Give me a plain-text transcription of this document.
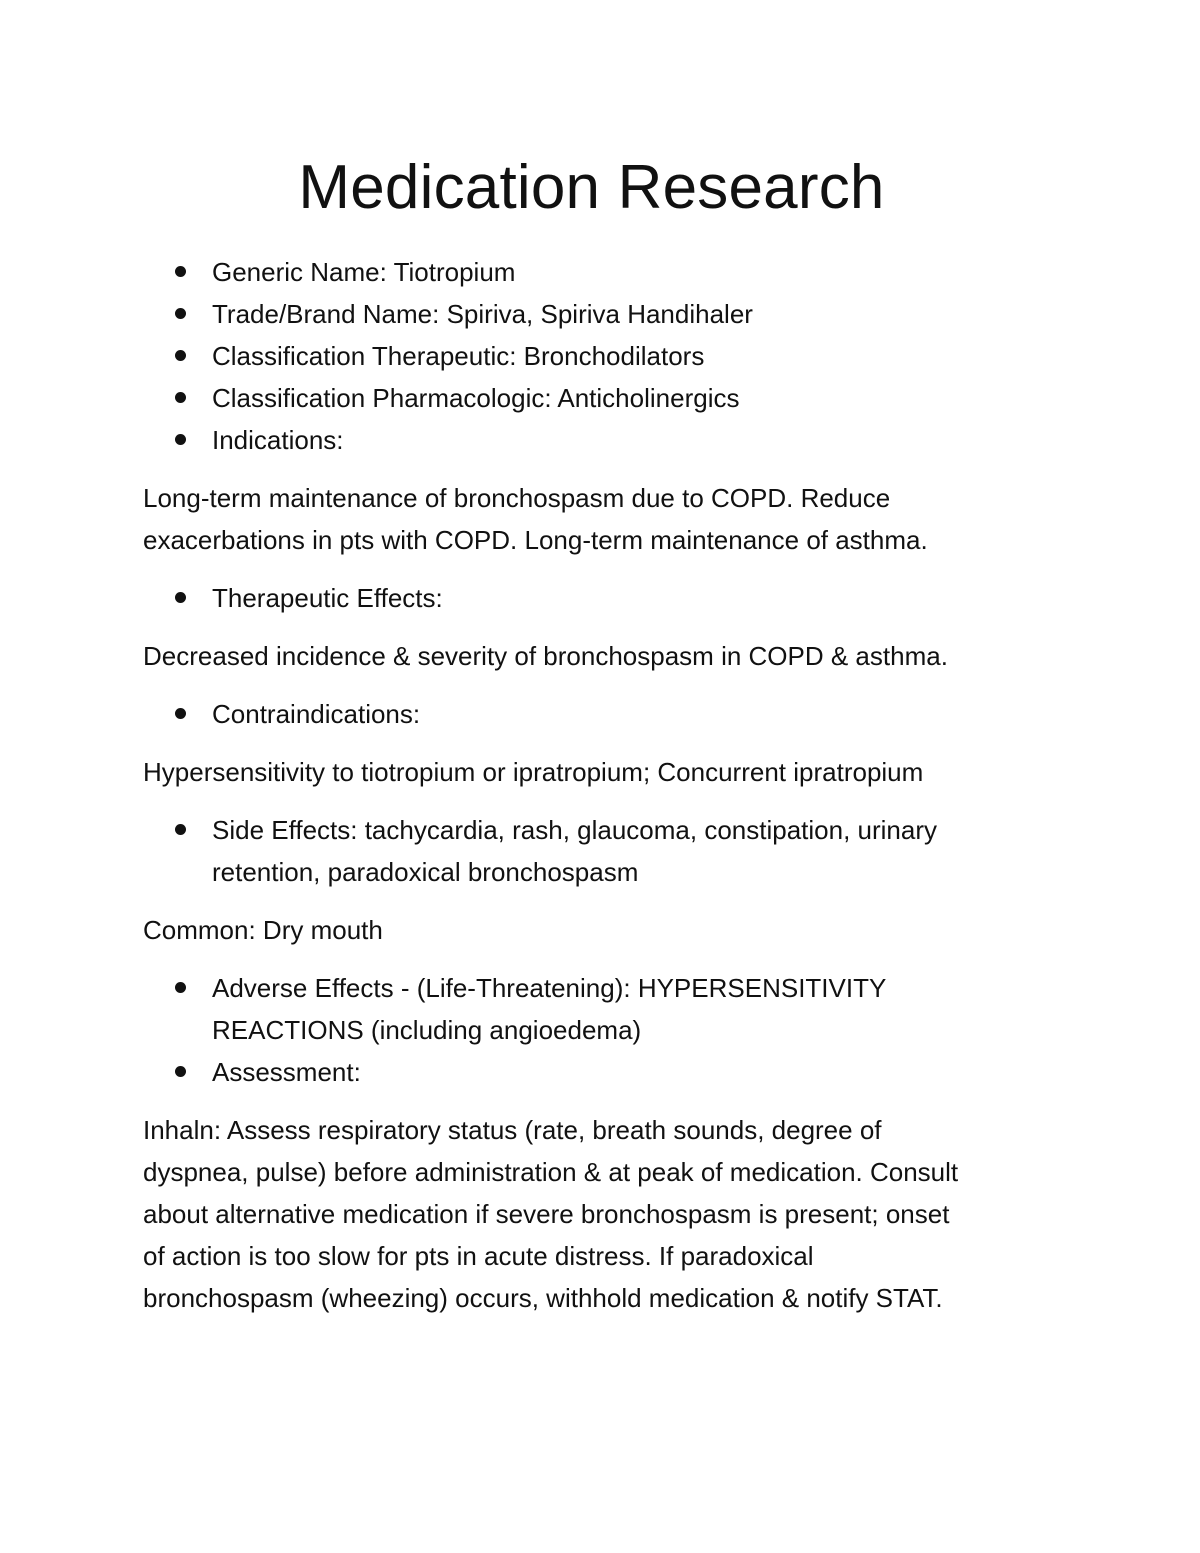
Medication Research
Generic Name: Tiotropium
Trade/Brand Name: Spiriva, Spiriva Handihaler
Classification Therapeutic: Bronchodilators
Classification Pharmacologic: Anticholinergics
Indications:

Long-term maintenance of bronchospasm due to COPD. Reduce
exacerbations in pts with COPD. Long-term maintenance of asthma.

Therapeutic Effects:

Decreased incidence & severity of bronchospasm in COPD & asthma.

Contraindications:

Hypersensitivity to tiotropium or ipratropium; Concurrent ipratropium

Side Effects: tachycardia, rash, glaucoma, constipation, urinary
retention, paradoxical bronchospasm

Common: Dry mouth

Adverse Effects - (Life-Threatening): HYPERSENSITIVITY
REACTIONS (including angioedema)
Assessment:

Inhaln: Assess respiratory status (rate, breath sounds, degree of
dyspnea, pulse) before administration & at peak of medication. Consult
about alternative medication if severe bronchospasm is present; onset
of action is too slow for pts in acute distress. If paradoxical
bronchospasm (wheezing) occurs, withhold medication & notify STAT.
